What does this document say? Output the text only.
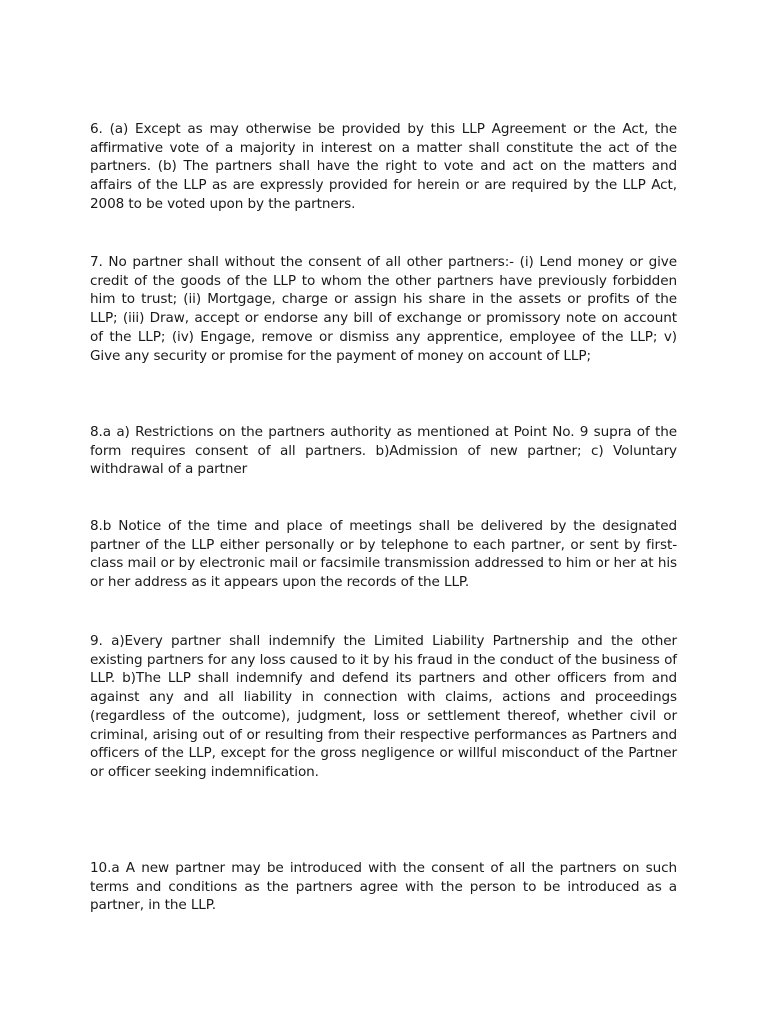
6. (a) Except as may otherwise be provided by this LLP Agreement or the Act, the affirmative vote of a majority in interest on a matter shall constitute the act of the partners. (b) The partners shall have the right to vote and act on the matters and affairs of the LLP as are expressly provided for herein or are required by the LLP Act, 2008 to be voted upon by the partners.

7. No partner shall without the consent of all other partners:- (i) Lend money or give credit of the goods of the LLP to whom the other partners have previously forbidden him to trust; (ii) Mortgage, charge or assign his share in the assets or profits of the LLP; (iii) Draw, accept or endorse any bill of exchange or promissory note on account of the LLP; (iv) Engage, remove or dismiss any apprentice, employee of the LLP; v) Give any security or promise for the payment of money on account of LLP;

8.a a) Restrictions on the partners authority as mentioned at Point No. 9 supra of the form requires consent of all partners. b)Admission of new partner; c) Voluntary withdrawal of a partner

8.b Notice of the time and place of meetings shall be delivered by the designated partner of the LLP either personally or by telephone to each partner, or sent by first-class mail or by electronic mail or facsimile transmission addressed to him or her at his or her address as it appears upon the records of the LLP.

9. a)Every partner shall indemnify the Limited Liability Partnership and the other existing partners for any loss caused to it by his fraud in the conduct of the business of LLP. b)The LLP shall indemnify and defend its partners and other officers from and against any and all liability in connection with claims, actions and proceedings (regardless of the outcome), judgment, loss or settlement thereof, whether civil or criminal, arising out of or resulting from their respective performances as Partners and officers of the LLP, except for the gross negligence or willful misconduct of the Partner or officer seeking indemnification.

10.a A new partner may be introduced with the consent of all the partners on such terms and conditions as the partners agree with the person to be introduced as a partner, in the LLP.
